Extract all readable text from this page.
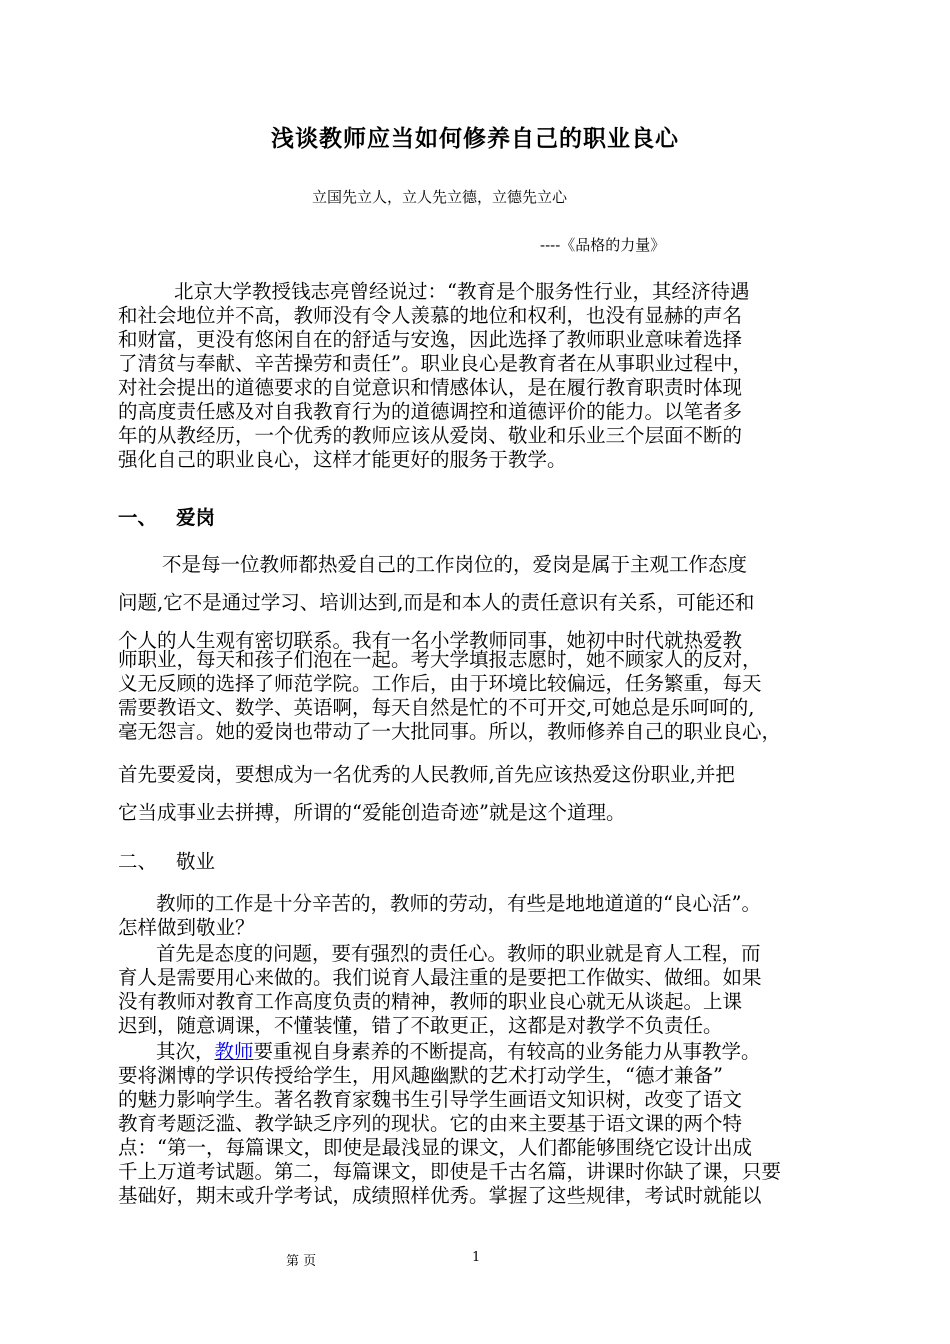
浅谈教师应当如何修养自己的职业良心
立国先立人，立人先立德，立德先立心
----《品格的力量》
北京大学教授钱志亮曾经说过：“教育是个服务性行业，其经济待遇
和社会地位并不高，教师没有令人羡慕的地位和权利，也没有显赫的声名
和财富，更没有悠闲自在的舒适与安逸，因此选择了教师职业意味着选择
了清贫与奉献、辛苦操劳和责任”。职业良心是教育者在从事职业过程中，
对社会提出的道德要求的自觉意识和情感体认，是在履行教育职责时体现
的高度责任感及对自我教育行为的道德调控和道德评价的能力。以笔者多
年的从教经历，一个优秀的教师应该从爱岗、敬业和乐业三个层面不断的
强化自己的职业良心，这样才能更好的服务于教学。
一、 爱岗
不是每一位教师都热爱自己的工作岗位的，爱岗是属于主观工作态度
问题,它不是通过学习、培训达到,而是和本人的责任意识有关系，可能还和
个人的人生观有密切联系。我有一名小学教师同事，她初中时代就热爱教
师职业，每天和孩子们泡在一起。考大学填报志愿时，她不顾家人的反对，
义无反顾的选择了师范学院。工作后，由于环境比较偏远，任务繁重，每天
需要教语文、数学、英语啊，每天自然是忙的不可开交,可她总是乐呵呵的,
毫无怨言。她的爱岗也带动了一大批同事。所以，教师修养自己的职业良心，
首先要爱岗，要想成为一名优秀的人民教师,首先应该热爱这份职业,并把
它当成事业去拼搏，所谓的“爱能创造奇迹”就是这个道理。
二、 敬业
教师的工作是十分辛苦的，教师的劳动，有些是地地道道的“良心活”。
怎样做到敬业？
首先是态度的问题，要有强烈的责任心。教师的职业就是育人工程，而
育人是需要用心来做的。我们说育人最注重的是要把工作做实、做细。如果
没有教师对教育工作高度负责的精神，教师的职业良心就无从谈起。上课
迟到，随意调课，不懂装懂，错了不敢更正，这都是对教学不负责任。
其次，教师要重视自身素养的不断提高，有较高的业务能力从事教学。
要将渊博的学识传授给学生，用风趣幽默的艺术打动学生，“德才兼备”
的魅力影响学生。著名教育家魏书生引导学生画语文知识树，改变了语文
教育考题泛滥、教学缺乏序列的现状。它的由来主要基于语文课的两个特
点：“第一，每篇课文，即使是最浅显的课文，人们都能够围绕它设计出成
千上万道考试题。第二，每篇课文，即使是千古名篇，讲课时你缺了课，只要
基础好，期末或升学考试，成绩照样优秀。掌握了这些规律，考试时就能以
第 页	1
